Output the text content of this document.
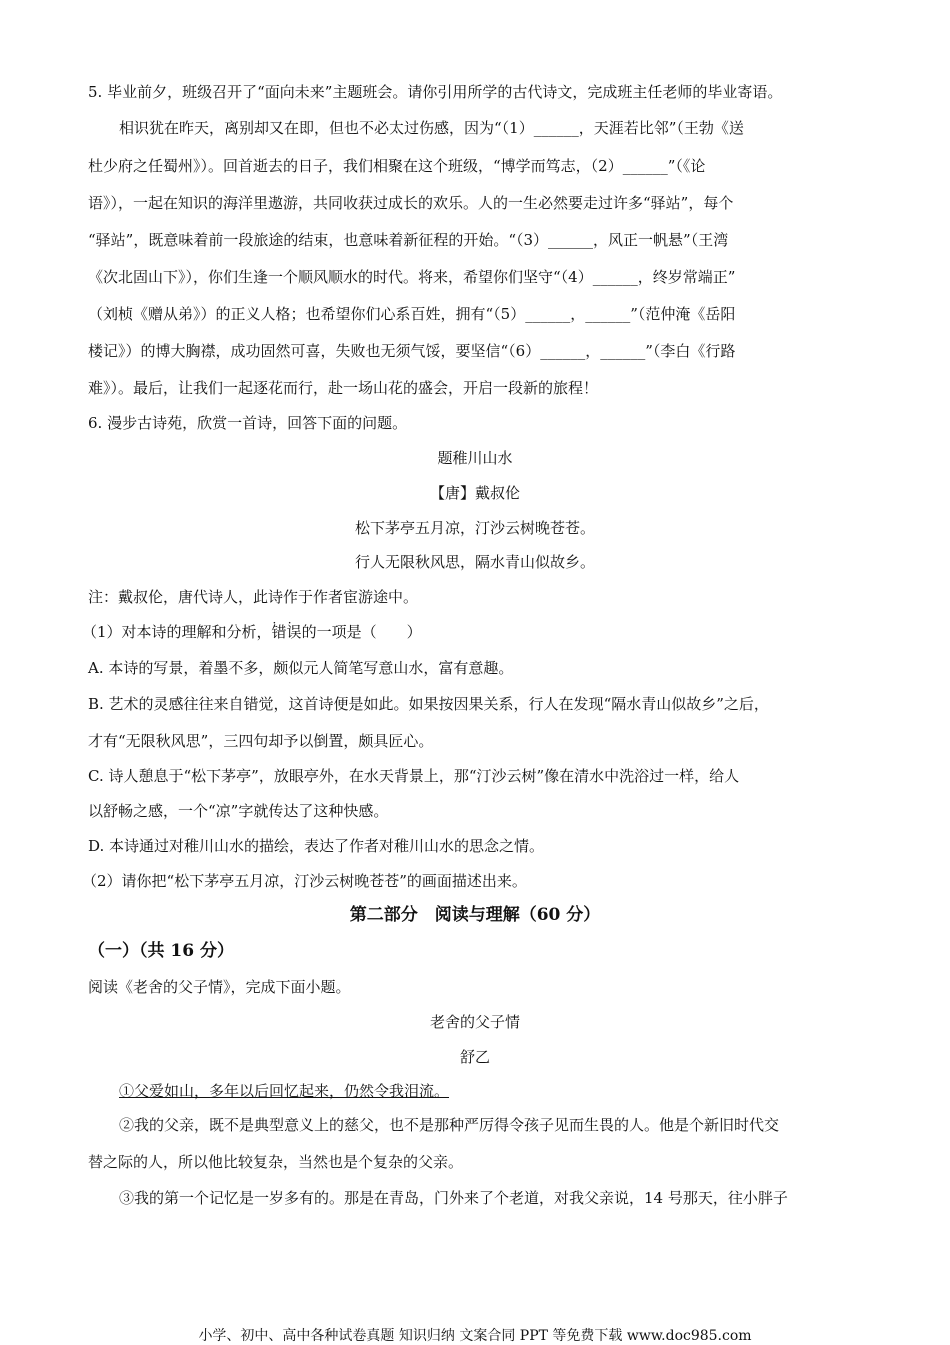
5. 毕业前夕，班级召开了“面向未来”主题班会。请你引用所学的古代诗文，完成班主任老师的毕业寄语。
相识犹在昨天，离别却又在即，但也不必太过伤感，因为“（1）______，天涯若比邻”（王勃《送
杜少府之任蜀州》）。回首逝去的日子，我们相聚在这个班级，“博学而笃志，（2）______”（《论
语》），一起在知识的海洋里遨游，共同收获过成长的欢乐。人的一生必然要走过许多“驿站”，每个
“驿站”，既意味着前一段旅途的结束，也意味着新征程的开始。“（3）______，风正一帆悬”（王湾
《次北固山下》），你们生逢一个顺风顺水的时代。将来，希望你们坚守“（4）______，终岁常端正”
（刘桢《赠从弟》）的正义人格；也希望你们心系百姓，拥有“（5）______，______”（范仲淹《岳阳
楼记》）的博大胸襟，成功固然可喜，失败也无须气馁，要坚信“（6）______，______”（李白《行路
难》）。最后，让我们一起逐花而行，赴一场山花的盛会，开启一段新的旅程！
6. 漫步古诗苑，欣赏一首诗，回答下面的问题。
题稚川山水
【唐】戴叔伦
松下茅亭五月凉，汀沙云树晚苍苍。
行人无限秋风思，隔水青山似故乡。
注：戴叔伦，唐代诗人，此诗作于作者宦游途中。
（1）对本诗的理解和分析，· · 错误的一项是（　　）
A. 本诗的写景，着墨不多，颇似元人简笔写意山水，富有意趣。
B. 艺术的灵感往往来自错觉，这首诗便是如此。如果按因果关系，行人在发现“隔水青山似故乡”之后，
才有“无限秋风思”，三四句却予以倒置，颇具匠心。
C. 诗人憩息于“松下茅亭”，放眼亭外，在水天背景上，那“汀沙云树”像在清水中洗浴过一样，给人
以舒畅之感，一个“凉”字就传达了这种快感。
D. 本诗通过对稚川山水的描绘，表达了作者对稚川山水的思念之情。
（2）请你把“松下茅亭五月凉，汀沙云树晚苍苍”的画面描述出来。
第二部分　阅读与理解（60 分）
（一）（共 16 分）
阅读《老舍的父子情》，完成下面小题。
老舍的父子情
舒乙
①父爱如山，多年以后回忆起来，仍然令我泪流。
②我的父亲，既不是典型意义上的慈父，也不是那种严厉得令孩子见而生畏的人。他是个新旧时代交
替之际的人，所以他比较复杂，当然也是个复杂的父亲。
③我的第一个记忆是一岁多有的。那是在青岛，门外来了个老道，对我父亲说，14 号那天，往小胖子
小学、初中、高中各种试卷真题 知识归纳 文案合同 PPT 等免费下载 www.doc985.com
